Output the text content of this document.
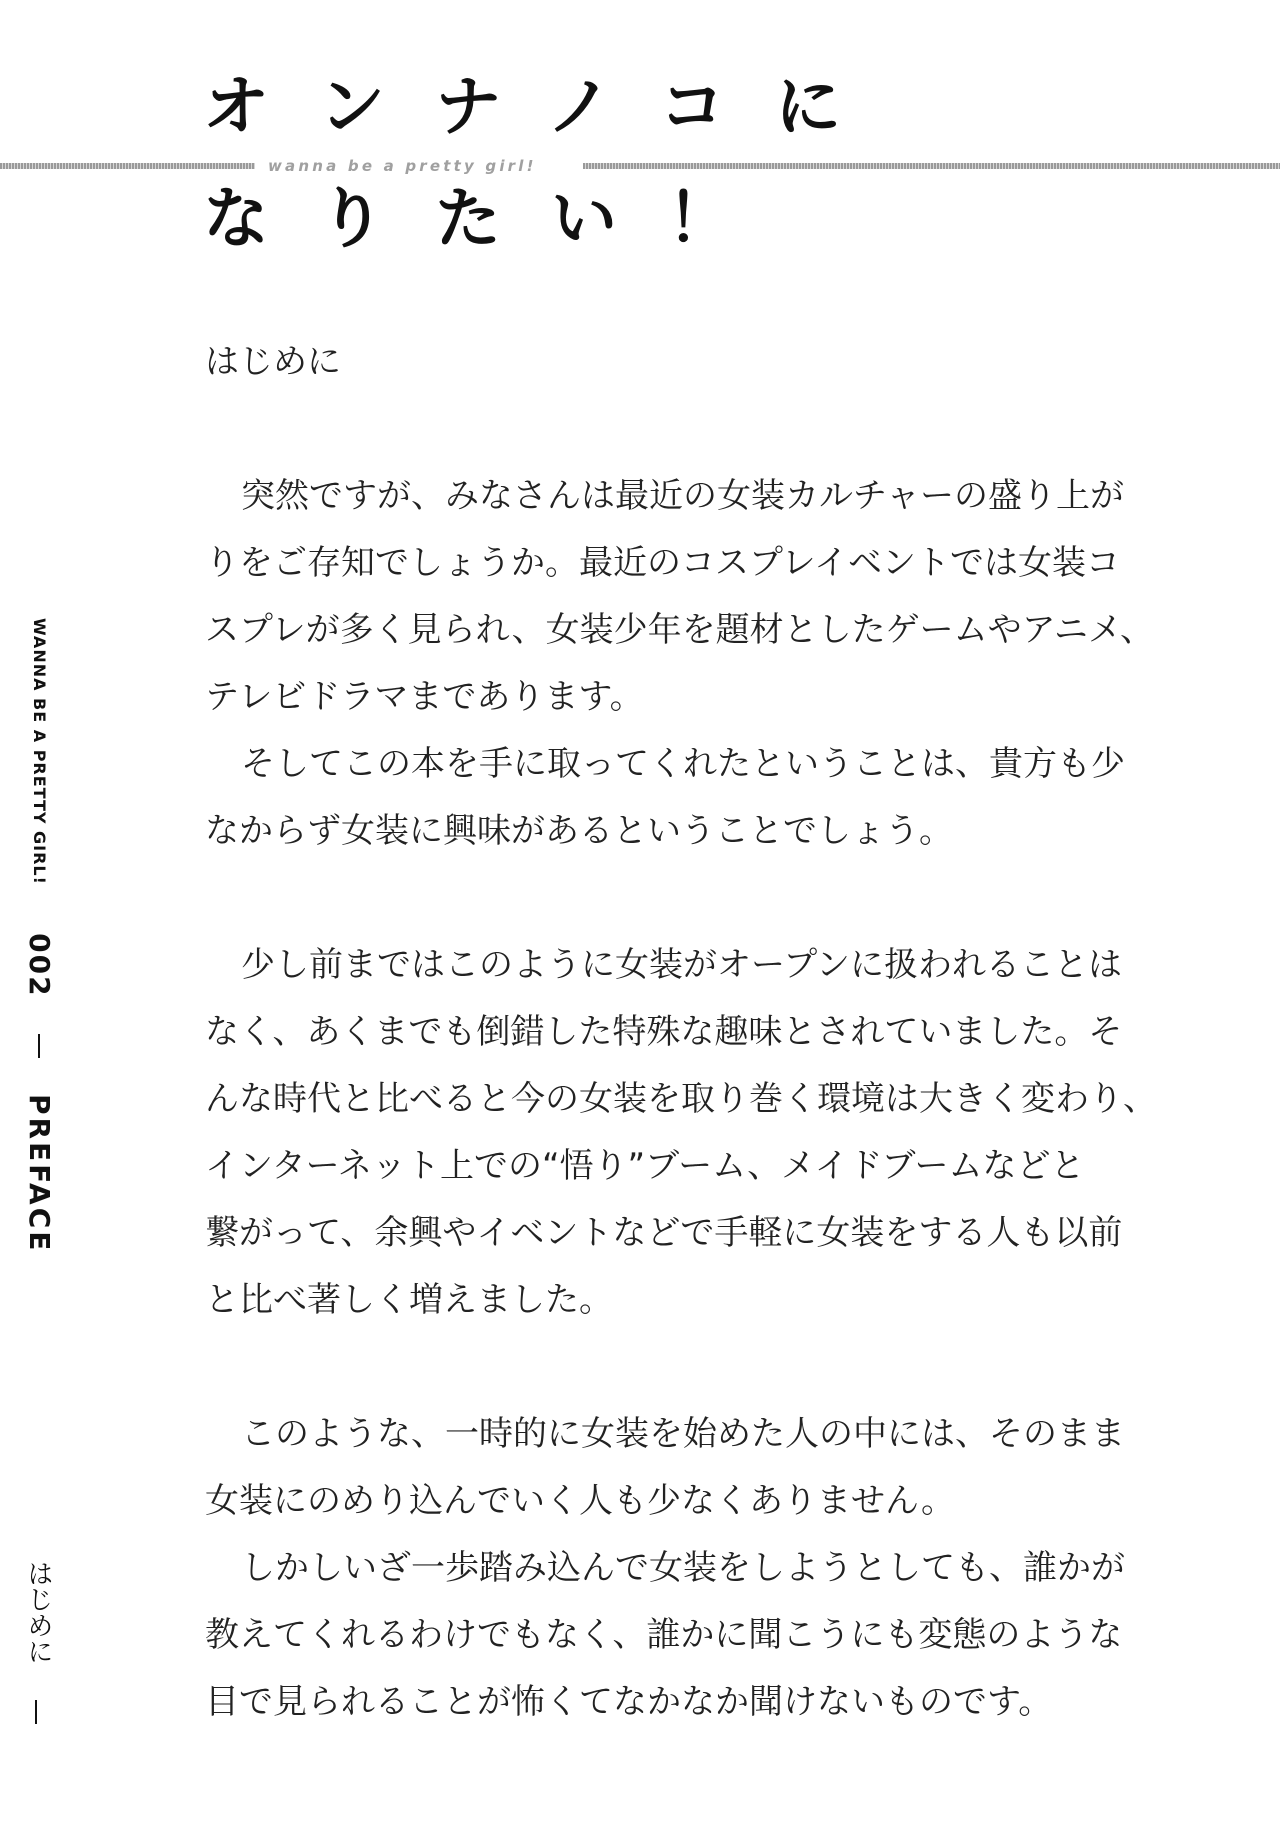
オンナノコに
wanna be a pretty girl!
なりたい！
はじめに
突然ですが、みなさんは最近の女装カルチャーの盛り上が
りをご存知でしょうか。最近のコスプレイベントでは女装コ
スプレが多く見られ、女装少年を題材としたゲームやアニメ、
テレビドラマまであります。
そしてこの本を手に取ってくれたということは、貴方も少
なからず女装に興味があるということでしょう。
少し前まではこのように女装がオープンに扱われることは
なく、あくまでも倒錯した特殊な趣味とされていました。そ
んな時代と比べると今の女装を取り巻く環境は大きく変わり、
インターネット上での“悟り”ブーム、メイドブームなどと
繋がって、余興やイベントなどで手軽に女装をする人も以前
と比べ著しく増えました。
このような、一時的に女装を始めた人の中には、そのまま
女装にのめり込んでいく人も少なくありません。
しかしいざ一歩踏み込んで女装をしようとしても、誰かが
教えてくれるわけでもなく、誰かに聞こうにも変態のような
目で見られることが怖くてなかなか聞けないものです。
WANNA BE A PRETTY GIRL!  002    PREFACE
はじめに
